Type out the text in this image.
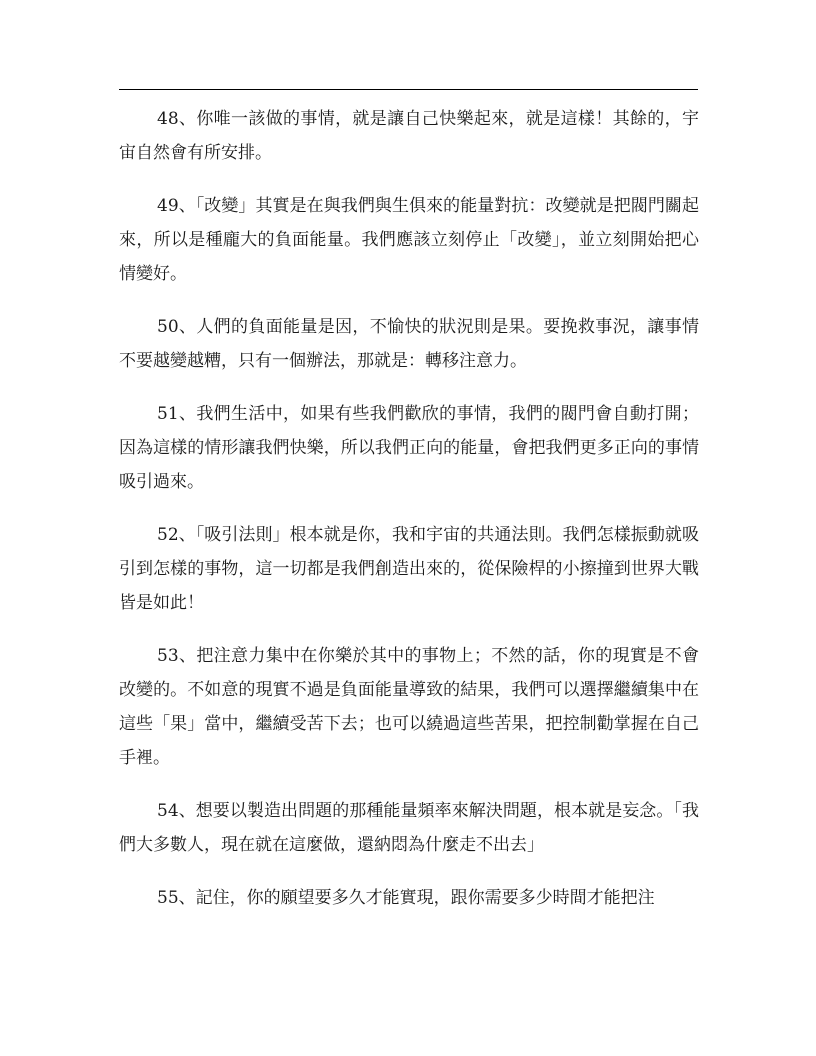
48、你唯一該做的事情，就是讓自己快樂起來，就是這樣！其餘的，宇宙自然會有所安排。

49、「改變」其實是在與我們與生俱來的能量對抗：改變就是把閥門關起來，所以是種龐大的負面能量。我們應該立刻停止「改變」，並立刻開始把心情變好。

50、人們的負面能量是因，不愉快的狀況則是果。要挽救事況，讓事情不要越變越糟，只有一個辦法，那就是：轉移注意力。

51、我們生活中，如果有些我們歡欣的事情，我們的閥門會自動打開；因為這樣的情形讓我們快樂，所以我們正向的能量，會把我們更多正向的事情吸引過來。

52、「吸引法則」根本就是你，我和宇宙的共通法則。我們怎樣振動就吸引到怎樣的事物，這一切都是我們創造出來的，從保險桿的小擦撞到世界大戰皆是如此！

53、把注意力集中在你樂於其中的事物上；不然的話，你的現實是不會改變的。不如意的現實不過是負面能量導致的結果，我們可以選擇繼續集中在這些「果」當中，繼續受苦下去；也可以繞過這些苦果，把控制勸掌握在自己手裡。

54、想要以製造出問題的那種能量頻率來解決問題，根本就是妄念。「我們大多數人，現在就在這麼做，還納悶為什麼走不出去」

55、記住，你的願望要多久才能實現，跟你需要多少時間才能把注
